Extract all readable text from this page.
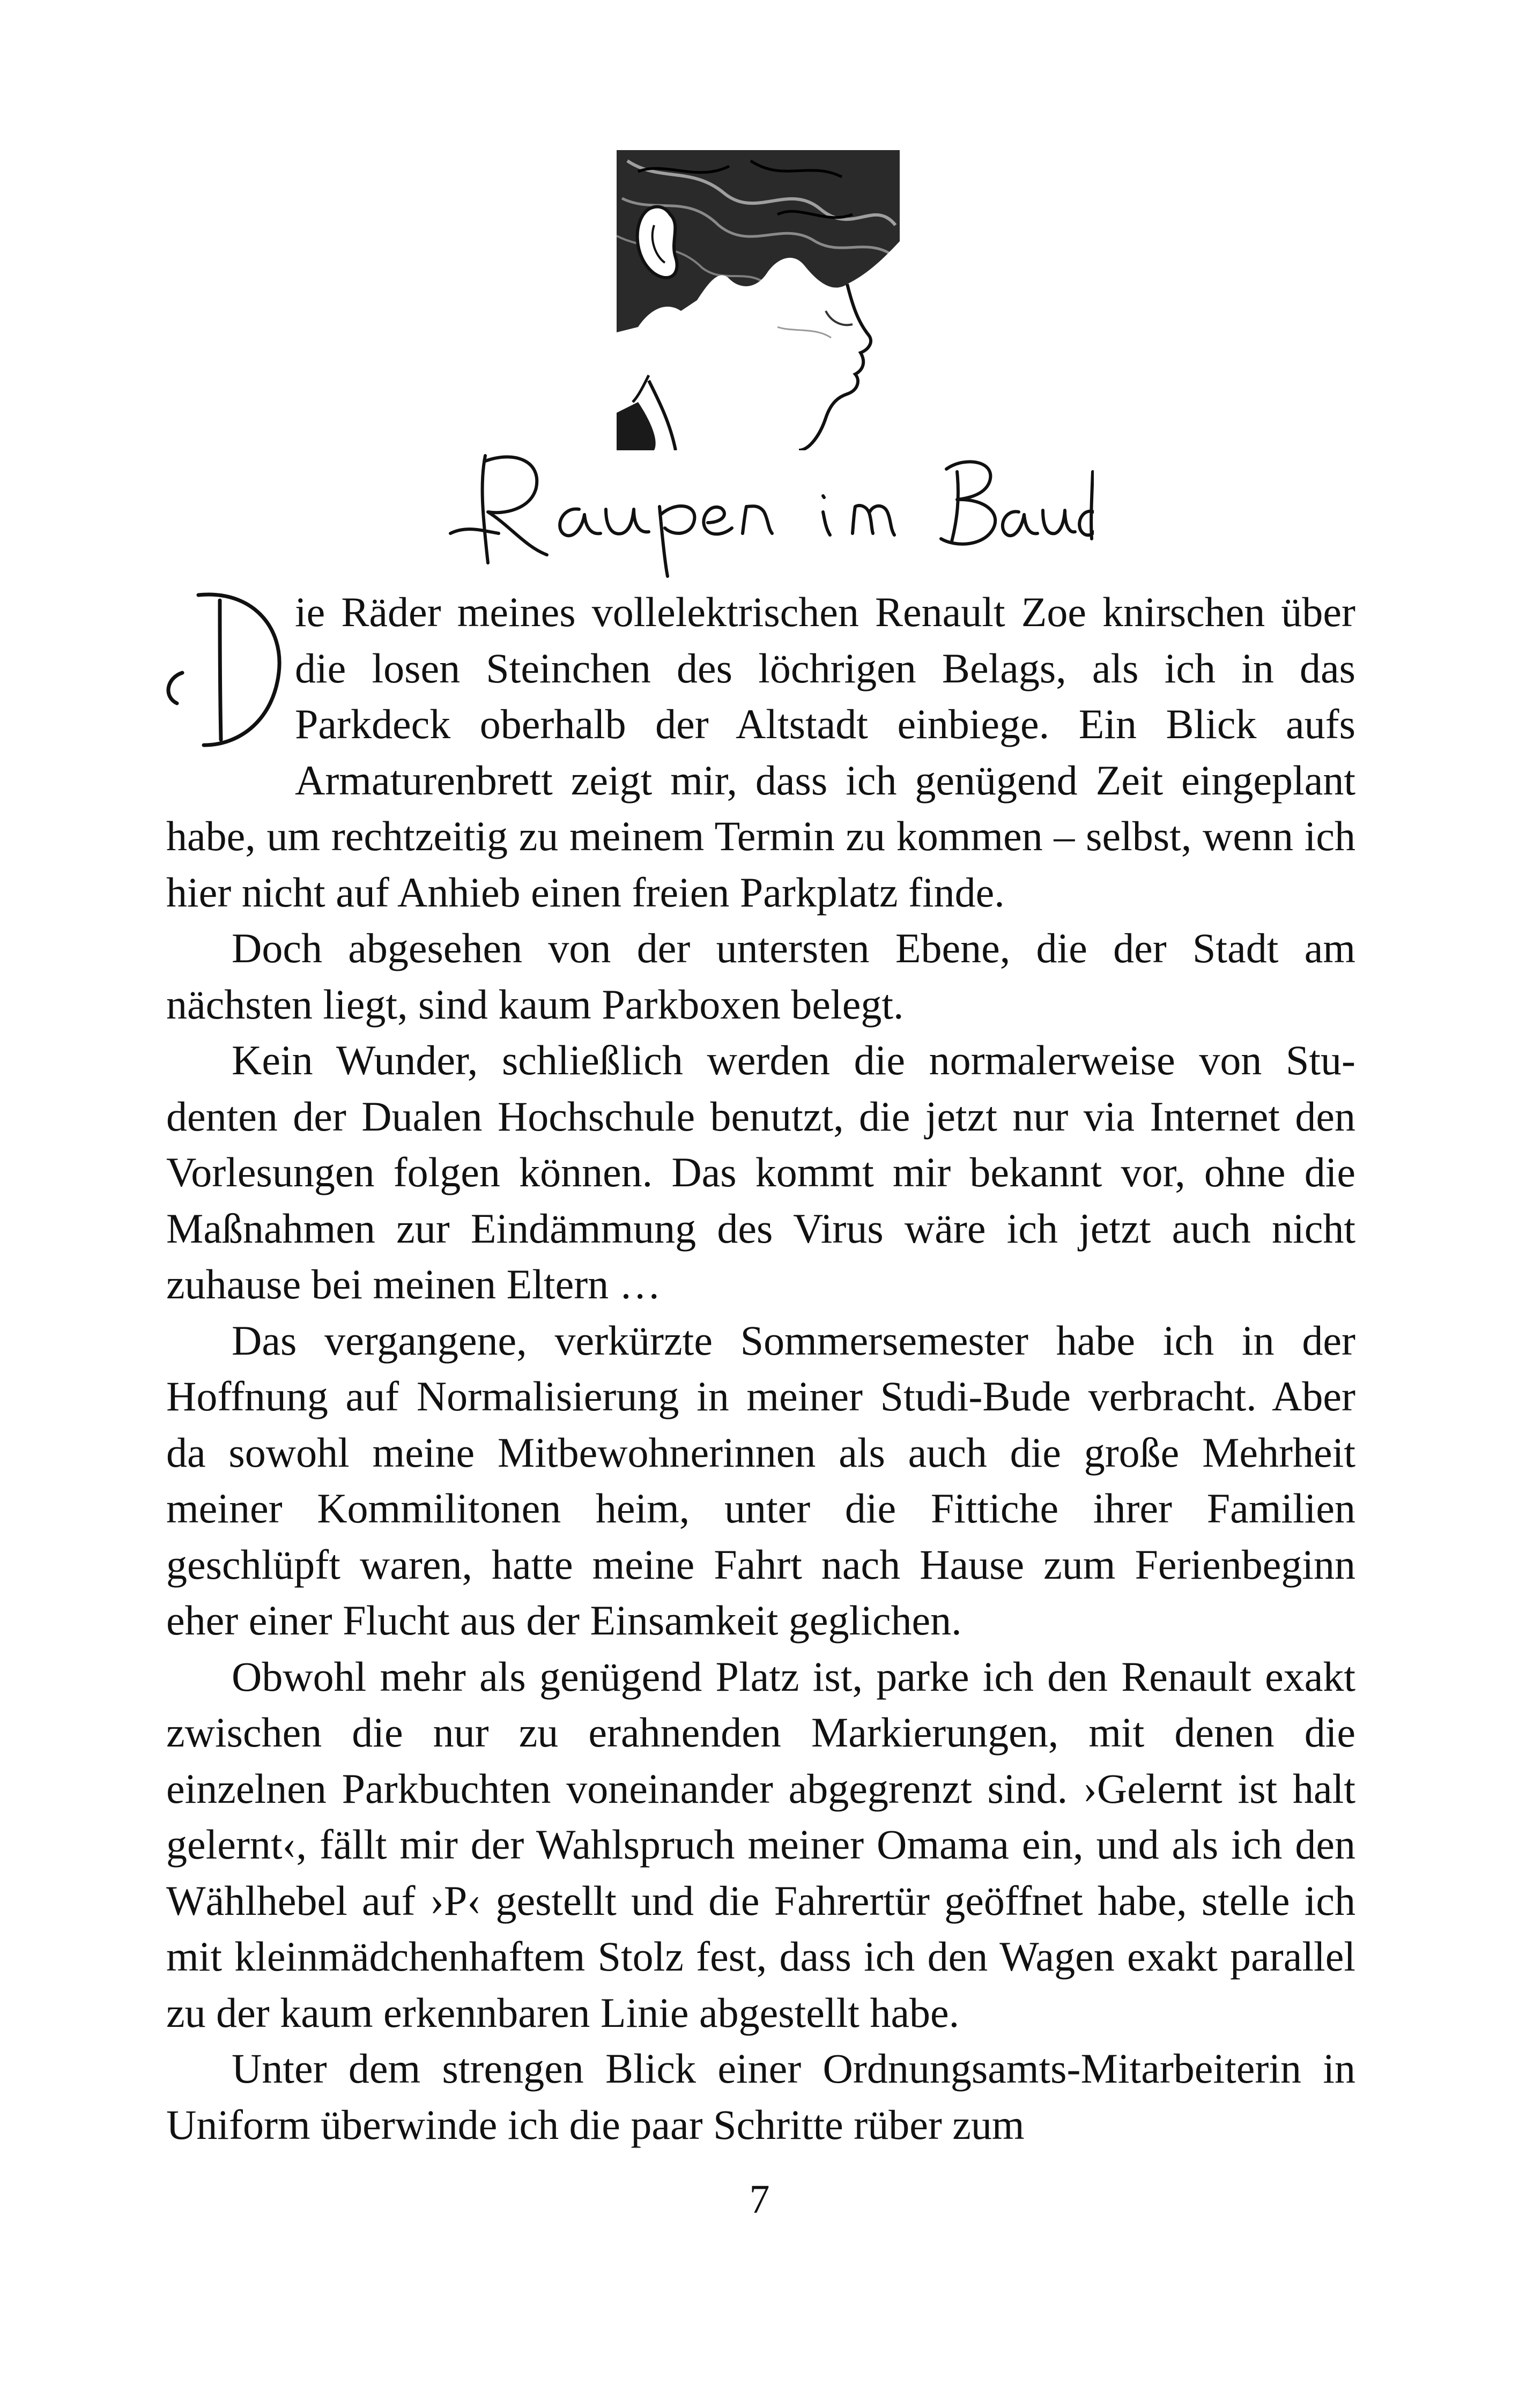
ie Räder meines vollelektrischen Renault Zoe knirschen über die losen Steinchen des löchrigen Belags, als ich in das Parkdeck oberhalb der Altstadt einbiege. Ein Blick aufs Armaturenbrett zeigt mir, dass ich genügend Zeit eingeplant habe, um rechtzeitig zu meinem Termin zu kommen – selbst, wenn ich hier nicht auf Anhieb einen freien Parkplatz finde.

Doch abgesehen von der untersten Ebene, die der Stadt am nächsten liegt, sind kaum Parkboxen belegt.

Kein Wunder, schließlich werden die normalerweise von Studenten der Dualen Hochschule benutzt, die jetzt nur via Internet den Vorlesungen folgen können. Das kommt mir bekannt vor, ohne die Maßnahmen zur Eindämmung des Virus wäre ich jetzt auch nicht zuhause bei meinen Eltern …

Das vergangene, verkürzte Sommersemester habe ich in der Hoffnung auf Normalisierung in meiner Studi-Bude verbracht. Aber da sowohl meine Mitbewohnerinnen als auch die große Mehrheit meiner Kommilitonen heim, unter die Fittiche ihrer Familien geschlüpft waren, hatte meine Fahrt nach Hause zum Ferienbeginn eher einer Flucht aus der Einsamkeit geglichen.

Obwohl mehr als genügend Platz ist, parke ich den Renault exakt zwischen die nur zu erahnenden Markierungen, mit denen die einzelnen Parkbuchten voneinander abgegrenzt sind. ›Gelernt ist halt gelernt‹, fällt mir der Wahlspruch meiner Omama ein, und als ich den Wählhebel auf ›P‹ gestellt und die Fahrertür geöffnet habe, stelle ich mit kleinmädchenhaftem Stolz fest, dass ich den Wagen exakt parallel zu der kaum erkennbaren Linie abgestellt habe.

Unter dem strengen Blick einer Ordnungsamts-Mitarbeiterin in Uniform überwinde ich die paar Schritte rüber zum

7
